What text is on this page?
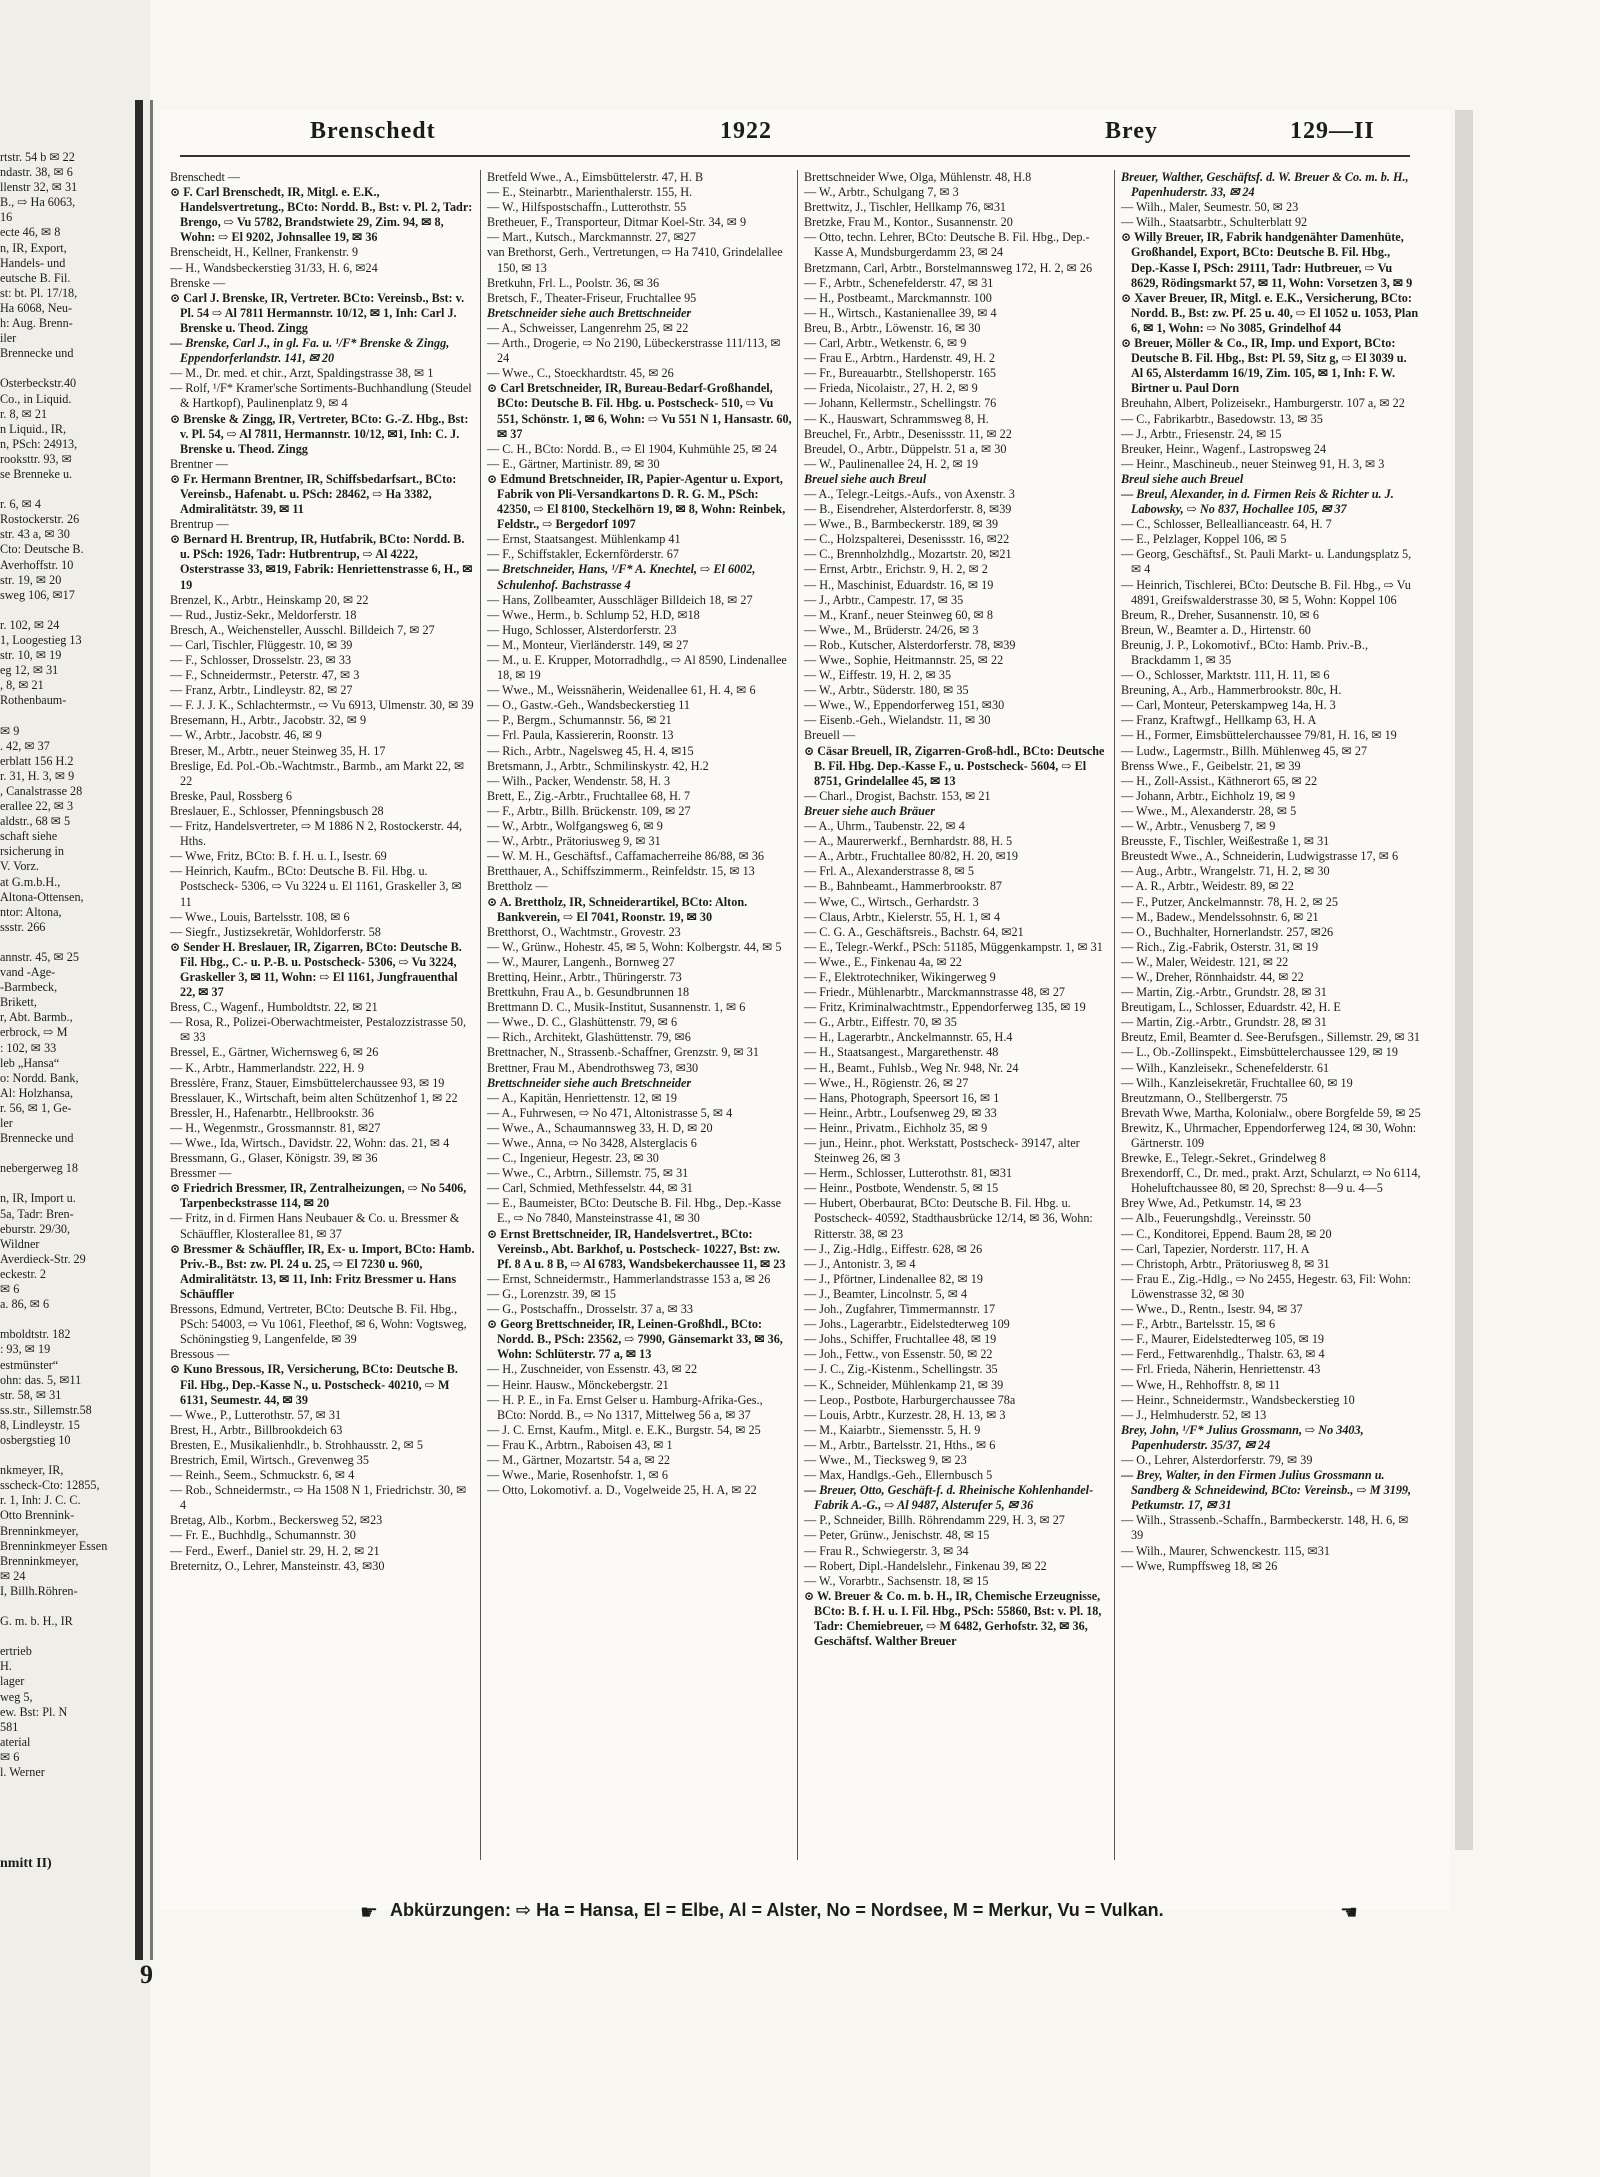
rtstr. 54 b ✉ 22

ndastr. 38, ✉ 6

llenstr 32, ✉ 31

B., ⇨ Ha 6063,

16

ecte 46, ✉ 8

n, IR, Export,

Handels- und

eutsche B. Fil.

st: bt. Pl. 17/18,

Ha 6068, Neu-

h: Aug. Brenn-

iler

Brennecke und

Osterbeckstr.40

Co., in Liquid.

r. 8, ✉ 21

n Liquid., IR,

n, PSch: 24913,

rooksttr. 93, ✉

se Brenneke u.

r. 6, ✉ 4

Rostockerstr. 26

str. 43 a, ✉ 30

Cto: Deutsche B.

Averhoffstr. 10

str. 19, ✉ 20

sweg 106, ✉17

r. 102, ✉ 24

1, Loogestieg 13

str. 10, ✉ 19

eg 12, ✉ 31

, 8, ✉ 21

Rothenbaum-

✉ 9

. 42, ✉ 37

erblatt 156 H.2

r. 31, H. 3, ✉ 9

, Canalstrasse 28

erallee 22, ✉ 3

aldstr., 68 ✉ 5

schaft siehe

rsicherung in

V. Vorz.

at G.m.b.H.,

Altona-Ottensen,

ntor: Altona,

ssstr. 266

annstr. 45, ✉ 25

vand -Age-

-Barmbeck,

Brikett,

r, Abt. Barmb.,

erbrock, ⇨ M

: 102, ✉ 33

leb „Hansa“

o: Nordd. Bank,

Al: Holzhansa,

r. 56, ✉ 1, Ge-

ler

Brennecke und

nebergerweg 18

n, IR, Import u.

5a, Tadr: Bren-

eburstr. 29/30,

Wildner

Averdieck-Str. 29

eckestr. 2

✉ 6

a. 86, ✉ 6

mboldtstr. 182

: 93, ✉ 19

estmünster“

ohn: das. 5, ✉11

str. 58, ✉ 31

ss.str., Sillemstr.58

8, Lindleystr. 15

osbergstieg 10

nkmeyer, IR,

sscheck-Cto: 12855,

r. 1, Inh: J. C. C.

Otto Brennink-

Brenninkmeyer,

Brenninkmeyer Essen

Brenninkmeyer,

✉ 24

I, Billh.Röhren-

G. m. b. H., IR

ertrieb

H.

lager

weg 5,

ew. Bst: Pl. N

581

aterial

✉ 6

l. Werner

nmitt II)
Brenschedt	1922	Brey	129—II

Brenschedt —

⊙ F. Carl Brenschedt, IR, Mitgl. e. E.K., Handelsvertretung., BCto: Nordd. B., Bst: v. Pl. 2, Tadr: Brengo, ⇨ Vu 5782, Brandstwiete 29, Zim. 94, ✉ 8, Wohn: ⇨ El 9202, Johnsallee 19, ✉ 36

Brenscheidt, H., Kellner, Frankenstr. 9

— H., Wandsbeckerstieg 31/33, H. 6, ✉24

Brenske —

⊙ Carl J. Brenske, IR, Vertreter. BCto: Vereinsb., Bst: v. Pl. 54 ⇨ Al 7811 Hermannstr. 10/12, ✉ 1, Inh: Carl J. Brenske u. Theod. Zingg

— Brenske, Carl J., in gl. Fa. u. ¹/F* Brenske & Zingg, Eppendorferlandstr. 141, ✉ 20

— M., Dr. med. et chir., Arzt, Spaldingstrasse 38, ✉ 1

— Rolf, ¹/F* Kramer'sche Sortiments-Buchhandlung (Steudel & Hartkopf), Paulinenplatz 9, ✉ 4

⊙ Brenske & Zingg, IR, Vertreter, BCto: G.-Z. Hbg., Bst: v. Pl. 54, ⇨ Al 7811, Hermannstr. 10/12, ✉1, Inh: C. J. Brenske u. Theod. Zingg

Brentner —

⊙ Fr. Hermann Brentner, IR, Schiffsbedarfsart., BCto: Vereinsb., Hafenabt. u. PSch: 28462, ⇨ Ha 3382, Admiralitätstr. 39, ✉ 11

Brentrup —

⊙ Bernard H. Brentrup, IR, Hutfabrik, BCto: Nordd. B. u. PSch: 1926, Tadr: Hutbrentrup, ⇨ Al 4222, Osterstrasse 33, ✉19, Fabrik: Henriettenstrasse 6, H., ✉ 19

Brenzel, K., Arbtr., Heinskamp 20, ✉ 22

— Rud., Justiz-Sekr., Meldorferstr. 18

Bresch, A., Weichensteller, Ausschl. Billdeich 7, ✉ 27

— Carl, Tischler, Flüggestr. 10, ✉ 39

— F., Schlosser, Drosselstr. 23, ✉ 33

— F., Schneidermstr., Peterstr. 47, ✉ 3

— Franz, Arbtr., Lindleystr. 82, ✉ 27

— F. J. J. K., Schlachtermstr., ⇨ Vu 6913, Ulmenstr. 30, ✉ 39

Bresemann, H., Arbtr., Jacobstr. 32, ✉ 9

— W., Arbtr., Jacobstr. 46, ✉ 9

Breser, M., Arbtr., neuer Steinweg 35, H. 17

Breslige, Ed. Pol.-Ob.-Wachtmstr., Barmb., am Markt 22, ✉ 22

Breske, Paul, Rossberg 6

Breslauer, E., Schlosser, Pfenningsbusch 28

— Fritz, Handelsvertreter, ⇨ M 1886 N 2, Rostockerstr. 44, Hths.

— Wwe, Fritz, BCto: B. f. H. u. I., Isestr. 69

— Heinrich, Kaufm., BCto: Deutsche B. Fil. Hbg. u. Postscheck- 5306, ⇨ Vu 3224 u. El 1161, Graskeller 3, ✉ 11

— Wwe., Louis, Bartelsstr. 108, ✉ 6

— Siegfr., Justizsekretär, Wohldorferstr. 58

⊙ Sender H. Breslauer, IR, Zigarren, BCto: Deutsche B. Fil. Hbg., C.- u. P.-B. u. Postscheck- 5306, ⇨ Vu 3224, Graskeller 3, ✉ 11, Wohn: ⇨ El 1161, Jungfrauenthal 22, ✉ 37

Bress, C., Wagenf., Humboldtstr. 22, ✉ 21

— Rosa, R., Polizei-Oberwachtmeister, Pestalozzistrasse 50, ✉ 33

Bressel, E., Gärtner, Wichernsweg 6, ✉ 26

— K., Arbtr., Hammerlandstr. 222, H. 9

Bresslère, Franz, Stauer, Eimsbüttelerchaussee 93, ✉ 19

Bresslauer, K., Wirtschaft, beim alten Schützenhof 1, ✉ 22

Bressler, H., Hafenarbtr., Hellbrookstr. 36

— H., Wegenmstr., Grossmannstr. 81, ✉27

— Wwe., Ida, Wirtsch., Davidstr. 22, Wohn: das. 21, ✉ 4

Bressmann, G., Glaser, Königstr. 39, ✉ 36

Bressmer —

⊙ Friedrich Bressmer, IR, Zentralheizungen, ⇨ No 5406, Tarpenbeckstrasse 114, ✉ 20

— Fritz, in d. Firmen Hans Neubauer & Co. u. Bressmer & Schäuffler, Klosterallee 81, ✉ 37

⊙ Bressmer & Schäuffler, IR, Ex- u. Import, BCto: Hamb. Priv.-B., Bst: zw. Pl. 24 u. 25, ⇨ El 7230 u. 960, Admiralitätstr. 13, ✉ 11, Inh: Fritz Bressmer u. Hans Schäuffler

Bressons, Edmund, Vertreter, BCto: Deutsche B. Fil. Hbg., PSch: 54003, ⇨ Vu 1061, Fleethof, ✉ 6, Wohn: Vogtsweg, Schöningstieg 9, Langenfelde, ✉ 39

Bressous —

⊙ Kuno Bressous, IR, Versicherung, BCto: Deutsche B. Fil. Hbg., Dep.-Kasse N., u. Postscheck- 40210, ⇨ M 6131, Seumestr. 44, ✉ 39

— Wwe., P., Lutterothstr. 57, ✉ 31

Brest, H., Arbtr., Billbrookdeich 63

Bresten, E., Musikalienhdlr., b. Strohhausstr. 2, ✉ 5

Brestrich, Emil, Wirtsch., Grevenweg 35

— Reinh., Seem., Schmuckstr. 6, ✉ 4

— Rob., Schneidermstr., ⇨ Ha 1508 N 1, Friedrichstr. 30, ✉ 4

Bretag, Alb., Korbm., Beckersweg 52, ✉23

— Fr. E., Buchhdlg., Schumannstr. 30

— Ferd., Ewerf., Daniel str. 29, H. 2, ✉ 21

Breternitz, O., Lehrer, Mansteinstr. 43, ✉30

Bretfeld Wwe., A., Eimsbüttelerstr. 47, H. B

— E., Steinarbtr., Marienthalerstr. 155, H.

— W., Hilfspostschaffn., Lutterothstr. 55

Bretheuer, F., Transporteur, Ditmar Koel-Str. 34, ✉ 9

— Mart., Kutsch., Marckmannstr. 27, ✉27

van Brethorst, Gerh., Vertretungen, ⇨ Ha 7410, Grindelallee 150, ✉ 13

Bretkuhn, Frl. L., Poolstr. 36, ✉ 36

Bretsch, F., Theater-Friseur, Fruchtallee 95

Bretschneider siehe auch Brettschneider

— A., Schweisser, Langenrehm 25, ✉ 22

— Arth., Drogerie, ⇨ No 2190, Lübeckerstrasse 111/113, ✉ 24

— Wwe., C., Stoeckhardtstr. 45, ✉ 26

⊙ Carl Bretschneider, IR, Bureau-Bedarf-Großhandel, BCto: Deutsche B. Fil. Hbg. u. Postscheck- 510, ⇨ Vu 551, Schönstr. 1, ✉ 6, Wohn: ⇨ Vu 551 N 1, Hansastr. 60, ✉ 37

— C. H., BCto: Nordd. B., ⇨ El 1904, Kuhmühle 25, ✉ 24

— E., Gärtner, Martinistr. 89, ✉ 30

⊙ Edmund Bretschneider, IR, Papier-Agentur u. Export, Fabrik von Pli-Versandkartons D. R. G. M., PSch: 42350, ⇨ El 8100, Steckelhörn 19, ✉ 8, Wohn: Reinbek, Feldstr., ⇨ Bergedorf 1097

— Ernst, Staatsangest. Mühlenkamp 41

— F., Schiffstakler, Eckernförderstr. 67

— Bretschneider, Hans, ¹/F* A. Knechtel, ⇨ El 6002, Schulenhof. Bachstrasse 4

— Hans, Zollbeamter, Ausschläger Billdeich 18, ✉ 27

— Wwe., Herm., b. Schlump 52, H.D, ✉18

— Hugo, Schlosser, Alsterdorferstr. 23

— M., Monteur, Vierländerstr. 149, ✉ 27

— M., u. E. Krupper, Motorradhdlg., ⇨ Al 8590, Lindenallee 18, ✉ 19

— Wwe., M., Weissnäherin, Weidenallee 61, H. 4, ✉ 6

— O., Gastw.-Geh., Wandsbeckerstieg 11

— P., Bergm., Schumannstr. 56, ✉ 21

— Frl. Paula, Kassiererin, Roonstr. 13

— Rich., Arbtr., Nagelsweg 45, H. 4, ✉15

Bretsmann, J., Arbtr., Schmilinskystr. 42, H.2

— Wilh., Packer, Wendenstr. 58, H. 3

Brett, E., Zig.-Arbtr., Fruchtallee 68, H. 7

— F., Arbtr., Billh. Brückenstr. 109, ✉ 27

— W., Arbtr., Wolfgangsweg 6, ✉ 9

— W., Arbtr., Prätoriusweg 9, ✉ 31

— W. M. H., Geschäftsf., Caffamacherreihe 86/88, ✉ 36

Bretthauer, A., Schiffszimmerm., Reinfeldstr. 15, ✉ 13

Brettholz —

⊙ A. Brettholz, IR, Schneiderartikel, BCto: Alton. Bankverein, ⇨ El 7041, Roonstr. 19, ✉ 30

Bretthorst, O., Wachtmstr., Grovestr. 23

— W., Grünw., Hohestr. 45, ✉ 5, Wohn: Kolbergstr. 44, ✉ 5

— W., Maurer, Langenh., Bornweg 27

Brettinq, Heinr., Arbtr., Thüringerstr. 73

Brettkuhn, Frau A., b. Gesundbrunnen 18

Brettmann D. C., Musik-Institut, Susannenstr. 1, ✉ 6

— Wwe., D. C., Glashüttenstr. 79, ✉ 6

— Rich., Architekt, Glashüttenstr. 79, ✉6

Brettnacher, N., Strassenb.-Schaffner, Grenzstr. 9, ✉ 31

Brettner, Frau M., Abendrothsweg 73, ✉30

Brettschneider siehe auch Bretschneider

— A., Kapitän, Henriettenstr. 12, ✉ 19

— A., Fuhrwesen, ⇨ No 471, Altonistrasse 5, ✉ 4

— Wwe., A., Schaumannsweg 33, H. D, ✉ 20

— Wwe., Anna, ⇨ No 3428, Alsterglacis 6

— C., Ingenieur, Hegestr. 23, ✉ 30

— Wwe., C., Arbtrn., Sillemstr. 75, ✉ 31

— Carl, Schmied, Methfesselstr. 44, ✉ 31

— E., Baumeister, BCto: Deutsche B. Fil. Hbg., Dep.-Kasse E., ⇨ No 7840, Mansteinstrasse 41, ✉ 30

⊙ Ernst Brettschneider, IR, Handelsvertret., BCto: Vereinsb., Abt. Barkhof, u. Postscheck- 10227, Bst: zw. Pf. 8 A u. 8 B, ⇨ Al 6783, Wandsbekerchaussee 11, ✉ 23

— Ernst, Schneidermstr., Hammerlandstrasse 153 a, ✉ 26

— G., Lorenzstr. 39, ✉ 15

— G., Postschaffn., Drosselstr. 37 a, ✉ 33

⊙ Georg Brettschneider, IR, Leinen-Großhdl., BCto: Nordd. B., PSch: 23562, ⇨ 7990, Gänsemarkt 33, ✉ 36, Wohn: Schlüterstr. 77 a, ✉ 13

— H., Zuschneider, von Essenstr. 43, ✉ 22

— Heinr. Hausw., Mönckebergstr. 21

— H. P. E., in Fa. Ernst Gelser u. Hamburg-Afrika-Ges., BCto: Nordd. B., ⇨ No 1317, Mittelweg 56 a, ✉ 37

— J. C. Ernst, Kaufm., Mitgl. e. E.K., Burgstr. 54, ✉ 25

— Frau K., Arbtrn., Raboisen 43, ✉ 1

— M., Gärtner, Mozartstr. 54 a, ✉ 22

— Wwe., Marie, Rosenhofstr. 1, ✉ 6

— Otto, Lokomotivf. a. D., Vogelweide 25, H. A, ✉ 22

Brettschneider Wwe, Olga, Mühlenstr. 48, H.8

— W., Arbtr., Schulgang 7, ✉ 3

Brettwitz, J., Tischler, Hellkamp 76, ✉31

Bretzke, Frau M., Kontor., Susannenstr. 20

— Otto, techn. Lehrer, BCto: Deutsche B. Fil. Hbg., Dep.-Kasse A, Mundsburgerdamm 23, ✉ 24

Bretzmann, Carl, Arbtr., Borstelmannsweg 172, H. 2, ✉ 26

— F., Arbtr., Schenefelderstr. 47, ✉ 31

— H., Postbeamt., Marckmannstr. 100

— H., Wirtsch., Kastanienallee 39, ✉ 4

Breu, B., Arbtr., Löwenstr. 16, ✉ 30

— Carl, Arbtr., Wetkenstr. 6, ✉ 9

— Frau E., Arbtrn., Hardenstr. 49, H. 2

— Fr., Bureauarbtr., Stellshoperstr. 165

— Frieda, Nicolaistr., 27, H. 2, ✉ 9

— Johann, Kellermstr., Schellingstr. 76

— K., Hauswart, Schrammsweg 8, H.

Breuchel, Fr., Arbtr., Desenissstr. 11, ✉ 22

Breudel, O., Arbtr., Düppelstr. 51 a, ✉ 30

— W., Paulinenallee 24, H. 2, ✉ 19

Breuel siehe auch Breul

— A., Telegr.-Leitgs.-Aufs., von Axenstr. 3

— B., Eisendreher, Alsterdorferstr. 8, ✉39

— Wwe., B., Barmbeckerstr. 189, ✉ 39

— C., Holzspalterei, Desenissstr. 16, ✉22

— C., Brennholzhdlg., Mozartstr. 20, ✉21

— Ernst, Arbtr., Erichstr. 9, H. 2, ✉ 2

— H., Maschinist, Eduardstr. 16, ✉ 19

— J., Arbtr., Campestr. 17, ✉ 35

— M., Kranf., neuer Steinweg 60, ✉ 8

— Wwe., M., Brüderstr. 24/26, ✉ 3

— Rob., Kutscher, Alsterdorferstr. 78, ✉39

— Wwe., Sophie, Heitmannstr. 25, ✉ 22

— W., Eiffestr. 19, H. 2, ✉ 35

— W., Arbtr., Süderstr. 180, ✉ 35

— Wwe., W., Eppendorferweg 151, ✉30

— Eisenb.-Geh., Wielandstr. 11, ✉ 30

Breuell —

⊙ Cäsar Breuell, IR, Zigarren-Groß-hdl., BCto: Deutsche B. Fil. Hbg. Dep.-Kasse F., u. Postscheck- 5604, ⇨ El 8751, Grindelallee 45, ✉ 13

— Charl., Drogist, Bachstr. 153, ✉ 21

Breuer siehe auch Bräuer

— A., Uhrm., Taubenstr. 22, ✉ 4

— A., Maurerwerkf., Bernhardstr. 88, H. 5

— A., Arbtr., Fruchtallee 80/82, H. 20, ✉19

— Frl. A., Alexanderstrasse 8, ✉ 5

— B., Bahnbeamt., Hammerbrookstr. 87

— Wwe, C., Wirtsch., Gerhardstr. 3

— Claus, Arbtr., Kielerstr. 55, H. 1, ✉ 4

— C. G. A., Geschäftsreis., Bachstr. 64, ✉21

— E., Telegr.-Werkf., PSch: 51185, Müggenkampstr. 1, ✉ 31

— Wwe., E., Finkenau 4a, ✉ 22

— F., Elektrotechniker, Wikingerweg 9

— Friedr., Mühlenarbtr., Marckmannstrasse 48, ✉ 27

— Fritz, Kriminalwachtmstr., Eppendorferweg 135, ✉ 19

— G., Arbtr., Eiffestr. 70, ✉ 35

— H., Lagerarbtr., Anckelmannstr. 65, H.4

— H., Staatsangest., Margarethenstr. 48

— H., Beamt., Fuhlsb., Weg Nr. 948, Nr. 24

— Wwe., H., Rögienstr. 26, ✉ 27

— Hans, Photograph, Speersort 16, ✉ 1

— Heinr., Arbtr., Loufsenweg 29, ✉ 33

— Heinr., Privatm., Eichholz 35, ✉ 9

— jun., Heinr., phot. Werkstatt, Postscheck- 39147, alter Steinweg 26, ✉ 3

— Herm., Schlosser, Lutterothstr. 81, ✉31

— Heinr., Postbote, Wendenstr. 5, ✉ 15

— Hubert, Oberbaurat, BCto: Deutsche B. Fil. Hbg. u. Postscheck- 40592, Stadthausbrücke 12/14, ✉ 36, Wohn: Ritterstr. 38, ✉ 23

— J., Zig.-Hdlg., Eiffestr. 628, ✉ 26

— J., Antonistr. 3, ✉ 4

— J., Pförtner, Lindenallee 82, ✉ 19

— J., Beamter, Lincolnstr. 5, ✉ 4

— Joh., Zugfahrer, Timmermannstr. 17

— Johs., Lagerarbtr., Eidelstedterweg 109

— Johs., Schiffer, Fruchtallee 48, ✉ 19

— Joh., Fettw., von Essenstr. 50, ✉ 22

— J. C., Zig.-Kistenm., Schellingstr. 35

— K., Schneider, Mühlenkamp 21, ✉ 39

— Leop., Postbote, Harburgerchaussee 78a

— Louis, Arbtr., Kurzestr. 28, H. 13, ✉ 3

— M., Kaiarbtr., Siemensstr. 5, H. 9

— M., Arbtr., Bartelsstr. 21, Hths., ✉ 6

— Wwe., M., Tiecksweg 9, ✉ 23

— Max, Handlgs.-Geh., Ellernbusch 5

— Breuer, Otto, Geschäft-f. d. Rheinische Kohlenhandel-Fabrik A.-G., ⇨ Al 9487, Alsterufer 5, ✉ 36

— P., Schneider, Billh. Röhrendamm 229, H. 3, ✉ 27

— Peter, Grünw., Jenischstr. 48, ✉ 15

— Frau R., Schwiegerstr. 3, ✉ 34

— Robert, Dipl.-Handelslehr., Finkenau 39, ✉ 22

— W., Vorarbtr., Sachsenstr. 18, ✉ 15

⊙ W. Breuer & Co. m. b. H., IR, Chemische Erzeugnisse, BCto: B. f. H. u. I. Fil. Hbg., PSch: 55860, Bst: v. Pl. 18, Tadr: Chemiebreuer, ⇨ M 6482, Gerhofstr. 32, ✉ 36, Geschäftsf. Walther Breuer

Breuer, Walther, Geschäftsf. d. W. Breuer & Co. m. b. H., Papenhuderstr. 33, ✉ 24

— Wilh., Maler, Seumestr. 50, ✉ 23

— Wilh., Staatsarbtr., Schulterblatt 92

⊙ Willy Breuer, IR, Fabrik handgenähter Damenhüte, Großhandel, Export, BCto: Deutsche B. Fil. Hbg., Dep.-Kasse I, PSch: 29111, Tadr: Hutbreuer, ⇨ Vu 8629, Rödingsmarkt 57, ✉ 11, Wohn: Vorsetzen 3, ✉ 9

⊙ Xaver Breuer, IR, Mitgl. e. E.K., Versicherung, BCto: Nordd. B., Bst: zw. Pf. 25 u. 40, ⇨ El 1052 u. 1053, Plan 6, ✉ 1, Wohn: ⇨ No 3085, Grindelhof 44

⊙ Breuer, Möller & Co., IR, Imp. und Export, BCto: Deutsche B. Fil. Hbg., Bst: Pl. 59, Sitz g, ⇨ El 3039 u. Al 65, Alsterdamm 16/19, Zim. 105, ✉ 1, Inh: F. W. Birtner u. Paul Dorn

Breuhahn, Albert, Polizeisekr., Hamburgerstr. 107 a, ✉ 22

— C., Fabrikarbtr., Basedowstr. 13, ✉ 35

— J., Arbtr., Friesenstr. 24, ✉ 15

Breuker, Heinr., Wagenf., Lastropsweg 24

— Heinr., Maschineub., neuer Steinweg 91, H. 3, ✉ 3

Breul siehe auch Breuel

— Breul, Alexander, in d. Firmen Reis & Richter u. J. Labowsky, ⇨ No 837, Hochallee 105, ✉ 37

— C., Schlosser, Belleallianceastr. 64, H. 7

— E., Pelzlager, Koppel 106, ✉ 5

— Georg, Geschäftsf., St. Pauli Markt- u. Landungsplatz 5, ✉ 4

— Heinrich, Tischlerei, BCto: Deutsche B. Fil. Hbg., ⇨ Vu 4891, Greifswalderstrasse 30, ✉ 5, Wohn: Koppel 106

Breum, R., Dreher, Susannenstr. 10, ✉ 6

Breun, W., Beamter a. D., Hirtenstr. 60

Breunig, J. P., Lokomotivf., BCto: Hamb. Priv.-B., Brackdamm 1, ✉ 35

— O., Schlosser, Marktstr. 111, H. 11, ✉ 6

Breuning, A., Arb., Hammerbrookstr. 80c, H.

— Carl, Monteur, Peterskampweg 14a, H. 3

— Franz, Kraftwgf., Hellkamp 63, H. A

— H., Former, Eimsbüttelerchaussee 79/81, H. 16, ✉ 19

— Ludw., Lagermstr., Billh. Mühlenweg 45, ✉ 27

Brenss Wwe., F., Geibelstr. 21, ✉ 39

— H., Zoll-Assist., Käthnerort 65, ✉ 22

— Johann, Arbtr., Eichholz 19, ✉ 9

— Wwe., M., Alexanderstr. 28, ✉ 5

— W., Arbtr., Venusberg 7, ✉ 9

Breusste, F., Tischler, Weißestraße 1, ✉ 31

Breustedt Wwe., A., Schneiderin, Ludwigstrasse 17, ✉ 6

— Aug., Arbtr., Wrangelstr. 71, H. 2, ✉ 30

— A. R., Arbtr., Weidestr. 89, ✉ 22

— F., Putzer, Anckelmannstr. 78, H. 2, ✉ 25

— M., Badew., Mendelssohnstr. 6, ✉ 21

— O., Buchhalter, Hornerlandstr. 257, ✉26

— Rich., Zig.-Fabrik, Osterstr. 31, ✉ 19

— W., Maler, Weidestr. 121, ✉ 22

— W., Dreher, Rönnhaidstr. 44, ✉ 22

— Martin, Zig.-Arbtr., Grundstr. 28, ✉ 31

Breutigam, L., Schlosser, Eduardstr. 42, H. E

— Martin, Zig.-Arbtr., Grundstr. 28, ✉ 31

Breutz, Emil, Beamter d. See-Berufsgen., Sillemstr. 29, ✉ 31

— L., Ob.-Zollinspekt., Eimsbüttelerchaussee 129, ✉ 19

— Wilh., Kanzleisekr., Schenefelderstr. 61

— Wilh., Kanzleisekretär, Fruchtallee 60, ✉ 19

Breutzmann, O., Stellbergerstr. 75

Brevath Wwe, Martha, Kolonialw., obere Borgfelde 59, ✉ 25

Brewitz, K., Uhrmacher, Eppendorferweg 124, ✉ 30, Wohn: Gärtnerstr. 109

Brewke, E., Telegr.-Sekret., Grindelweg 8

Brexendorff, C., Dr. med., prakt. Arzt, Schularzt, ⇨ No 6114, Hoheluftchaussee 80, ✉ 20, Sprechst: 8—9 u. 4—5

Brey Wwe, Ad., Petkumstr. 14, ✉ 23

— Alb., Feuerungshdlg., Vereinsstr. 50

— C., Konditorei, Eppend. Baum 28, ✉ 20

— Carl, Tapezier, Norderstr. 117, H. A

— Christoph, Arbtr., Prätoriusweg 8, ✉ 31

— Frau E., Zig.-Hdlg., ⇨ No 2455, Hegestr. 63, Fil: Wohn: Löwenstrasse 32, ✉ 30

— Wwe., D., Rentn., Isestr. 94, ✉ 37

— F., Arbtr., Bartelsstr. 15, ✉ 6

— F., Maurer, Eidelstedterweg 105, ✉ 19

— Ferd., Fettwarenhdlg., Thalstr. 63, ✉ 4

— Frl. Frieda, Näherin, Henriettenstr. 43

— Wwe, H., Rehhoffstr. 8, ✉ 11

— Heinr., Schneidermstr., Wandsbeckerstieg 10

— J., Helmhuderstr. 52, ✉ 13

Brey, John, ¹/F* Julius Grossmann, ⇨ No 3403, Papenhuderstr. 35/37, ✉ 24

— O., Lehrer, Alsterdorferstr. 79, ✉ 39

— Brey, Walter, in den Firmen Julius Grossmann u. Sandberg & Schneidewind, BCto: Vereinsb., ⇨ M 3199, Petkumstr. 17, ✉ 31

— Wilh., Strassenb.-Schaffn., Barmbeckerstr. 148, H. 6, ✉ 39

— Wilh., Maurer, Schwenckestr. 115, ✉31

— Wwe, Rumpffsweg 18, ✉ 26

☛ Abkürzungen: ⇨ Ha = Hansa, El = Elbe, Al = Alster, No = Nordsee, M = Merkur, Vu = Vulkan.	☚
9
